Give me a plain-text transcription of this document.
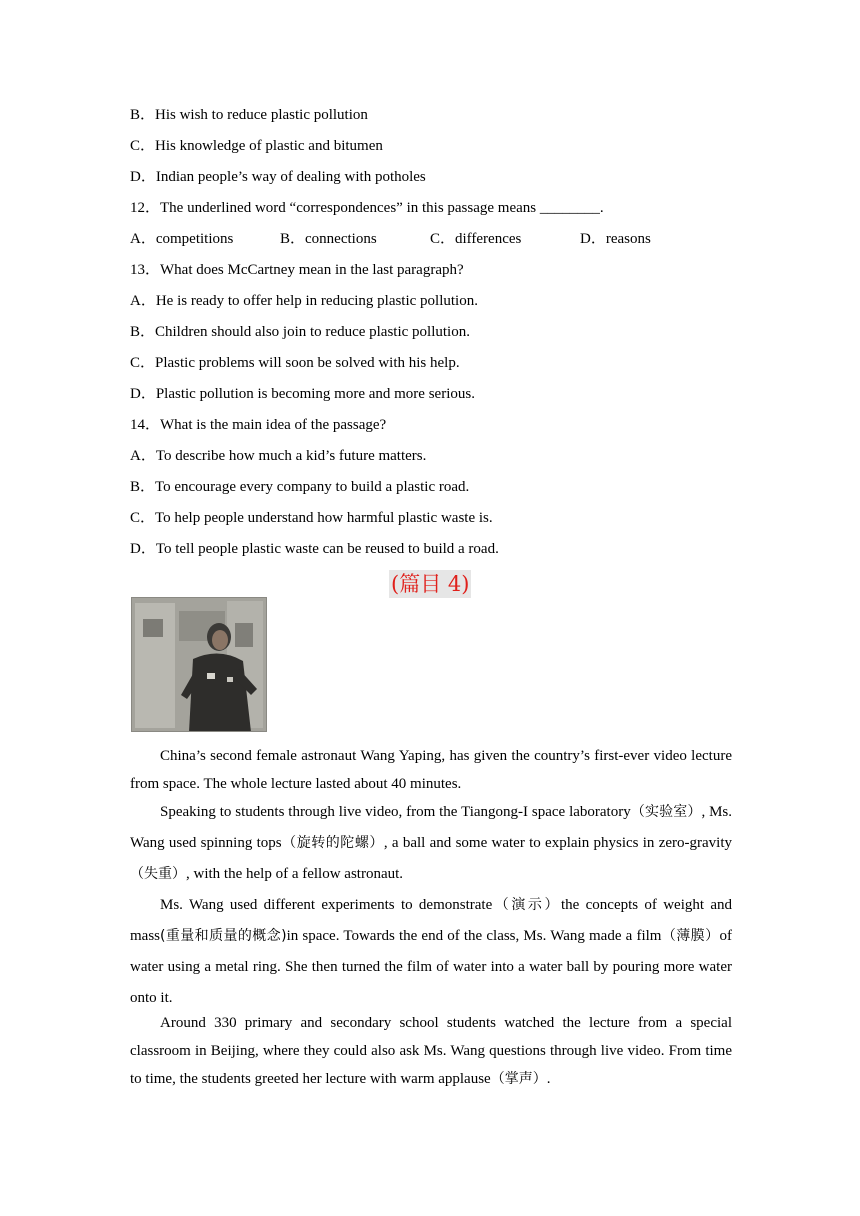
B．His wish to reduce plastic pollution
C．His knowledge of plastic and bitumen
D．Indian people’s way of dealing with potholes
12．The underlined word “correspondences” in this passage means ________.
A．competitions	B．connections	C．differences	D．reasons
13．What does McCartney mean in the last paragraph?
A．He is ready to offer help in reducing plastic pollution.
B．Children should also join to reduce plastic pollution.
C．Plastic problems will soon be solved with his help.
D．Plastic pollution is becoming more and more serious.
14．What is the main idea of the passage?
A．To describe how much a kid’s future matters.
B．To encourage every company to build a plastic road.
C．To help people understand how harmful plastic waste is.
D．To tell people plastic waste can be reused to build a road.
(篇目 4)

China’s second female astronaut Wang Yaping, has given the country’s first-ever video lecture from space. The whole lecture lasted about 40 minutes.

Speaking to students through live video, from the Tiangong-I space laboratory（实验室）, Ms. Wang used spinning tops（旋转的陀螺）, a ball and some water to explain physics in zero-gravity（失重）, with the help of a fellow astronaut.

Ms. Wang used different experiments to demonstrate（演示）the concepts of weight and mass(重量和质量的概念)in space. Towards the end of the class, Ms. Wang made a film（薄膜）of water using a metal ring. She then turned the film of water into a water ball by pouring more water onto it.

Around 330 primary and secondary school students watched the lecture from a special classroom in Beijing, where they could also ask Ms. Wang questions through live video. From time to time, the students greeted her lecture with warm applause（掌声）.
